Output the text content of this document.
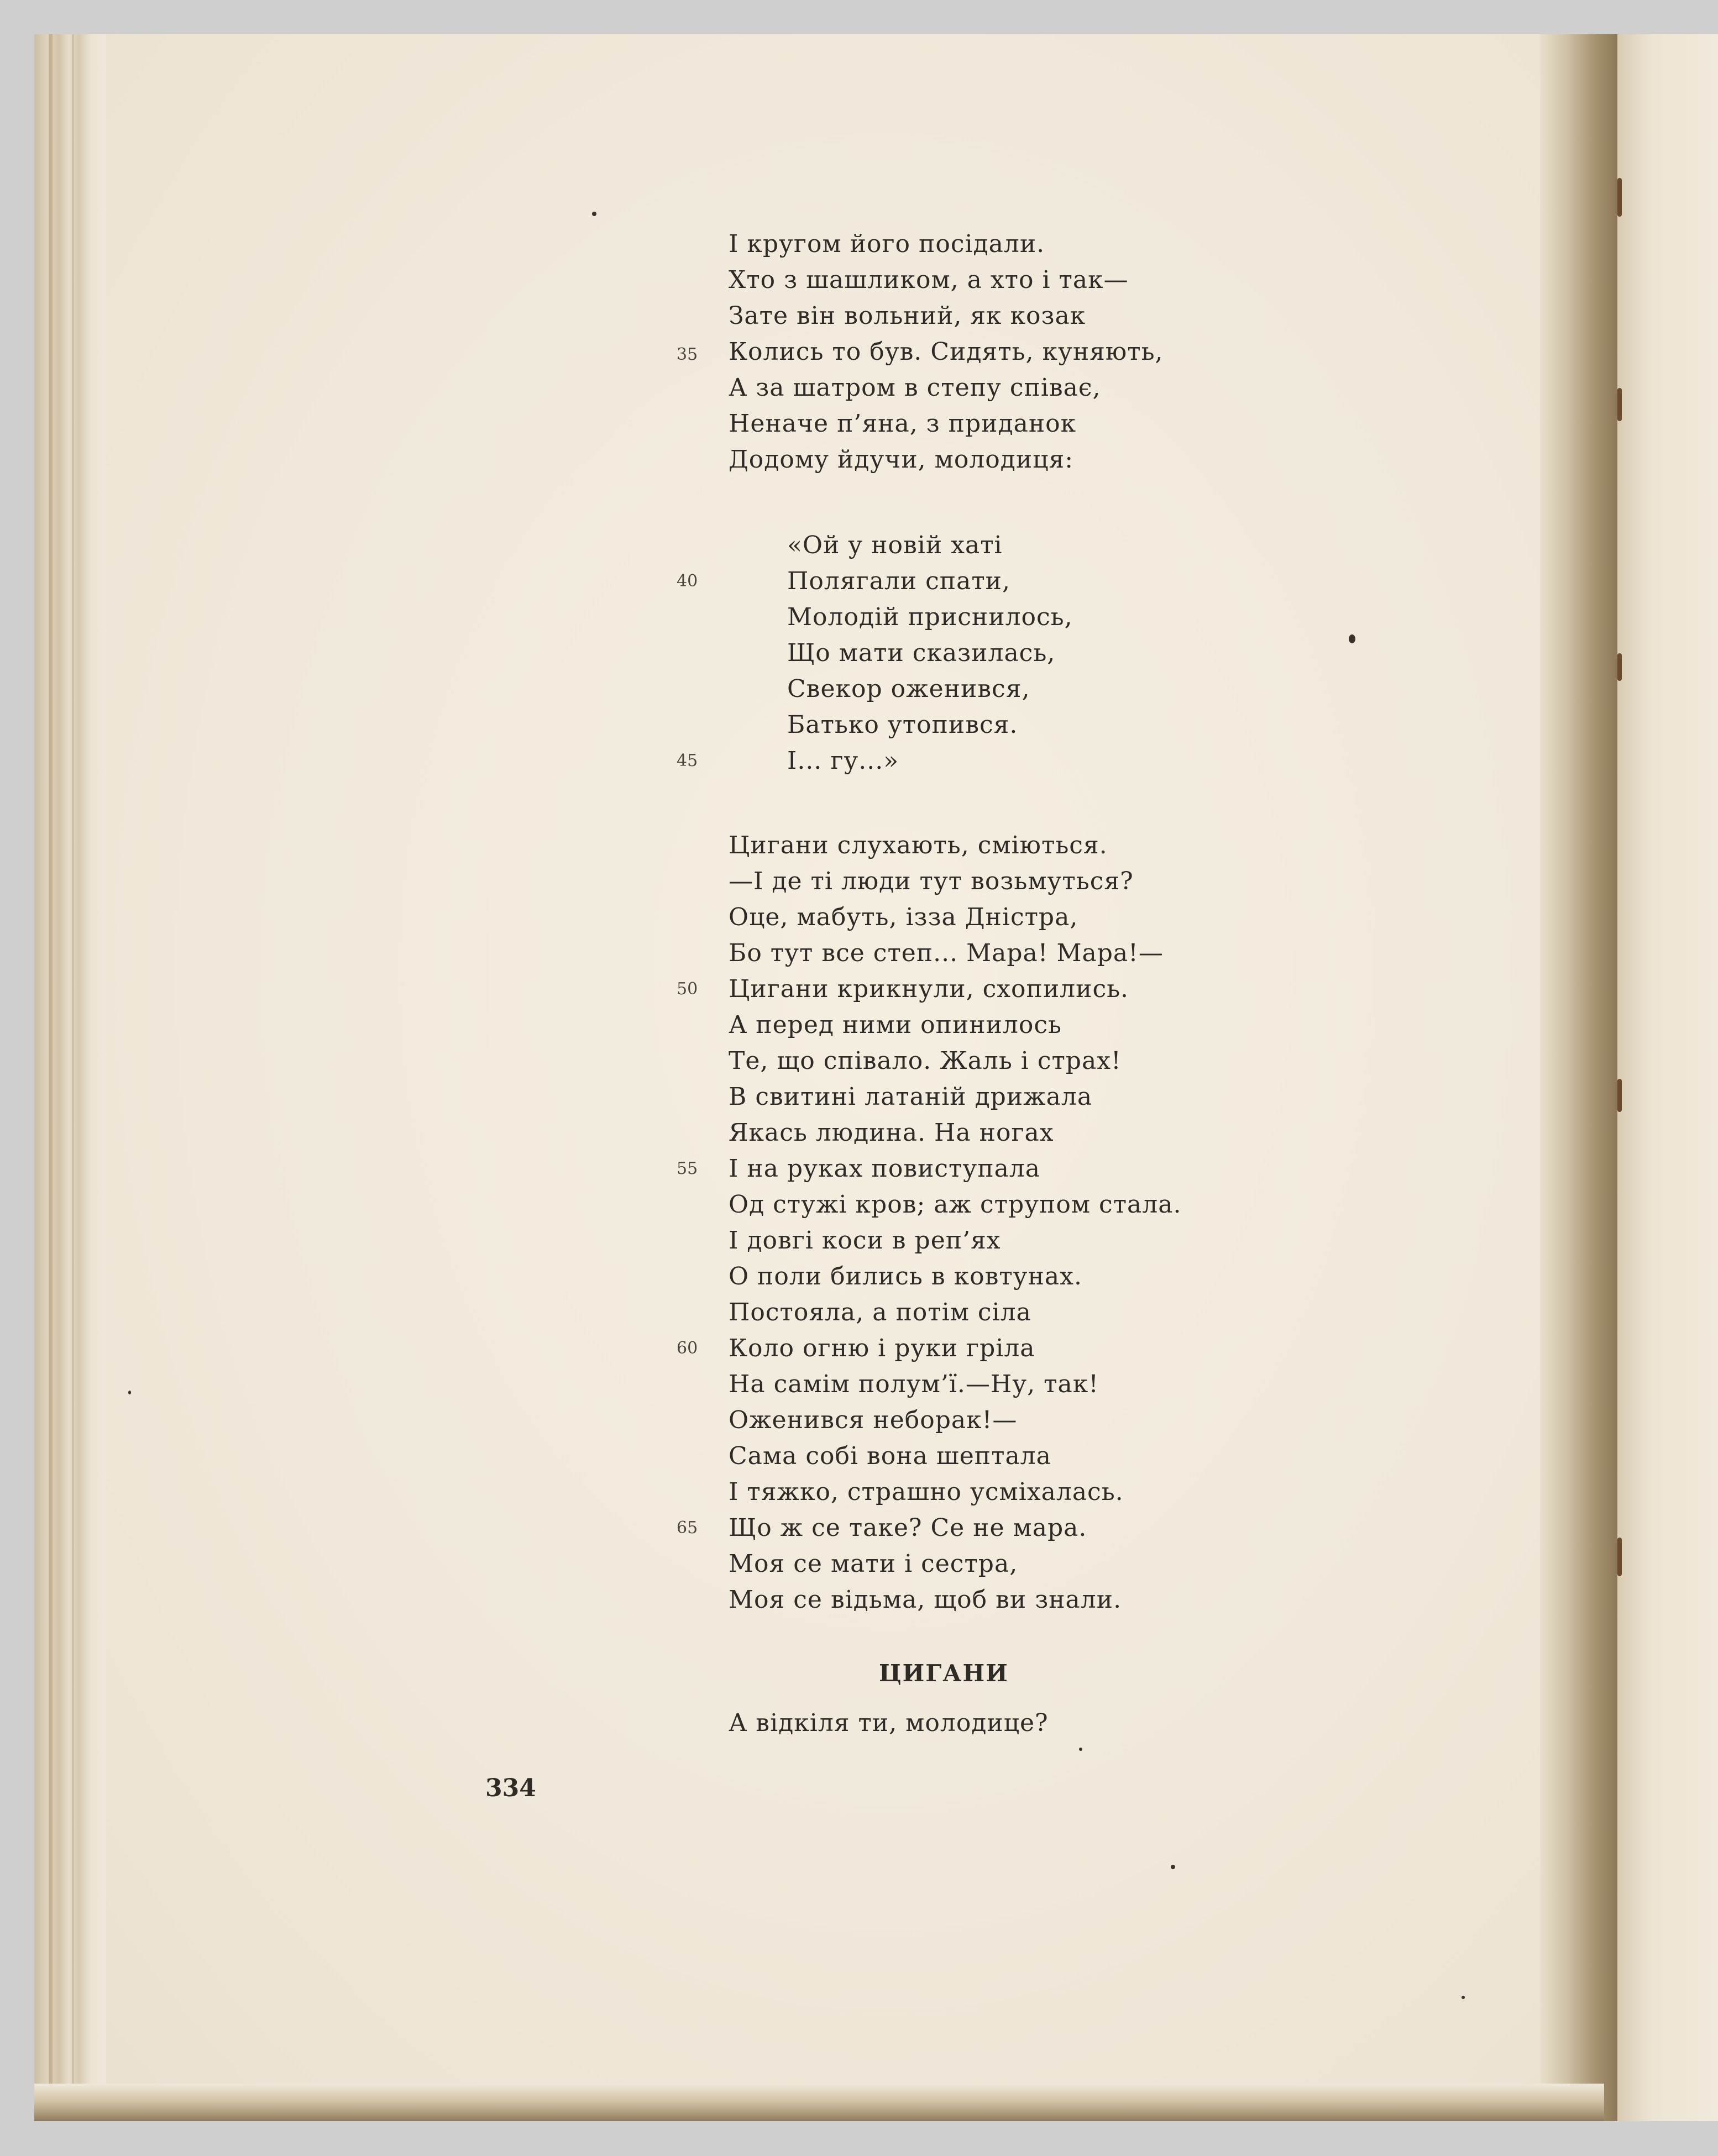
І кругом його посідали.
Хто з шашликом, а хто і так—
Зате він вольний, як козак
Колись то був. Сидять, куняють,
А за шатром в степу співає,
Неначе п’яна, з приданок
Додому йдучи, молодиця:
«Ой у новій хаті
Полягали спати,
Молодій приснилось,
Що мати сказилась,
Свекор оженився,
Батько утопився.
І... гу...»
Цигани слухають, сміються.
—І де ті люди тут возьмуться?
Оце, мабуть, ізза Дністра,
Бо тут все степ... Мара! Мара!—
Цигани крикнули, схопились.
А перед ними опинилось
Те, що співало. Жаль і страх!
В свитині латаній дрижала
Якась людина. На ногах
І на руках повиступала
Од стужі кров; аж струпом стала.
І довгі коси в реп’ях
О поли бились в ковтунах.
Постояла, а потім сіла
Коло огню і руки гріла
На самім полум’ї.—Ну, так!
Оженився небоpак!—
Сама собі вона шептала
І тяжко, страшно усміхалась.
Що ж се таке? Се не мара.
Моя се мати і сестра,
Моя се відьма, щоб ви знали.
А відкіля ти, молодице?
35
40
45
50
55
60
65
ЦИГАНИ
334
